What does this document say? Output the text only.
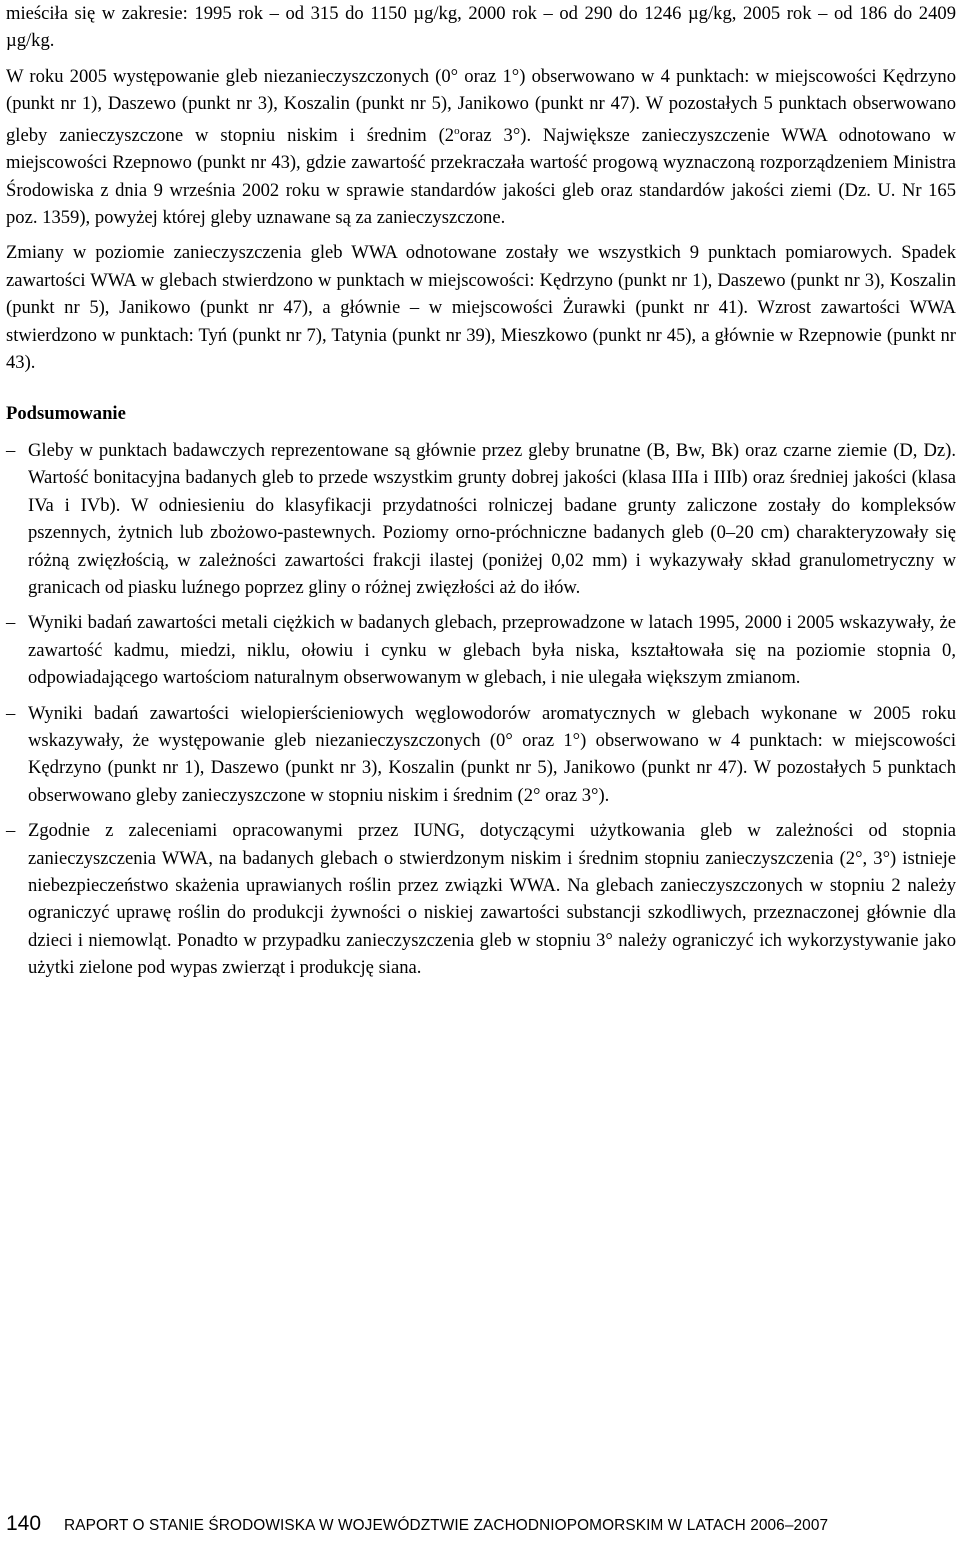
mieściła się w zakresie: 1995 rok – od 315 do 1150 µg/kg, 2000 rok – od 290 do 1246 µg/kg, 2005 rok – od 186 do 2409 µg/kg.

W roku 2005 występowanie gleb niezanieczyszczonych (0° oraz 1°) obserwowano w 4 punktach: w miejscowości Kędrzyno (punkt nr 1), Daszewo (punkt nr 3), Koszalin (punkt nr 5), Janikowo (punkt nr 47). W pozostałych 5 punktach obserwowano gleby zanieczyszczone w stopniu niskim i średnim (2$^o$oraz 3°). Największe zanieczyszczenie WWA odnotowano w miejscowości Rzepnowo (punkt nr 43), gdzie zawartość przekraczała wartość progową wyznaczoną rozporządzeniem Ministra Środowiska z dnia 9 września 2002 roku w sprawie standardów jakości gleb oraz standardów jakości ziemi (Dz. U. Nr 165 poz. 1359), powyżej której gleby uznawane są za zanieczyszczone.

Zmiany w poziomie zanieczyszczenia gleb WWA odnotowane zostały we wszystkich 9 punktach pomiarowych. Spadek zawartości WWA w glebach stwierdzono w punktach w miejscowości: Kędrzyno (punkt nr 1), Daszewo (punkt nr 3), Koszalin (punkt nr 5), Janikowo (punkt nr 47), a głównie – w miejscowości Żurawki (punkt nr 41). Wzrost zawartości WWA stwierdzono w punktach: Tyń (punkt nr 7), Tatynia (punkt nr 39), Mieszkowo (punkt nr 45), a głównie w Rzepnowie (punkt nr 43).

Podsumowanie

– Gleby w punktach badawczych reprezentowane są głównie przez gleby brunatne (B, Bw, Bk) oraz czarne ziemie (D, Dz). Wartość bonitacyjna badanych gleb to przede wszystkim grunty dobrej jakości (klasa IIIa i IIIb) oraz średniej jakości (klasa IVa i IVb). W odniesieniu do klasyfikacji przydatności rolniczej badane grunty zaliczone zostały do kompleksów pszennych, żytnich lub zbożowo-pastewnych. Poziomy orno-próchniczne badanych gleb (0–20 cm) charakteryzowały się różną zwięzłością, w zależności zawartości frakcji ilastej (poniżej 0,02 mm) i wykazywały skład granulometryczny w granicach od piasku luźnego poprzez gliny o różnej zwięzłości aż do iłów.
– Wyniki badań zawartości metali ciężkich w badanych glebach, przeprowadzone w latach 1995, 2000 i 2005 wskazywały, że zawartość kadmu, miedzi, niklu, ołowiu i cynku w glebach była niska, kształtowała się na poziomie stopnia 0, odpowiadającego wartościom naturalnym obserwowanym w glebach, i nie ulegała większym zmianom.
– Wyniki badań zawartości wielopierścieniowych węglowodorów aromatycznych w glebach wykonane w 2005 roku wskazywały, że występowanie gleb niezanieczyszczonych (0° oraz 1°) obserwowano w 4 punktach: w miejscowości Kędrzyno (punkt nr 1), Daszewo (punkt nr 3), Koszalin (punkt nr 5), Janikowo (punkt nr 47). W pozostałych 5 punktach obserwowano gleby zanieczyszczone w stopniu niskim i średnim (2° oraz 3°).
– Zgodnie z zaleceniami opracowanymi przez IUNG, dotyczącymi użytkowania gleb w zależności od stopnia zanieczyszczenia WWA, na badanych glebach o stwierdzonym niskim i średnim stopniu zanieczyszczenia (2°, 3°) istnieje niebezpieczeństwo skażenia uprawianych roślin przez związki WWA. Na glebach zanieczyszczonych w stopniu 2 należy ograniczyć uprawę roślin do produkcji żywności o niskiej zawartości substancji szkodliwych, przeznaczonej głównie dla dzieci i niemowląt. Ponadto w przypadku zanieczyszczenia gleb w stopniu 3° należy ograniczyć ich wykorzystywanie jako użytki zielone pod wypas zwierząt i produkcję siana.
140 RAPORT O STANIE ŚRODOWISKA W WOJEWÓDZTWIE ZACHODNIOPOMORSKIM W LATACH 2006–2007
